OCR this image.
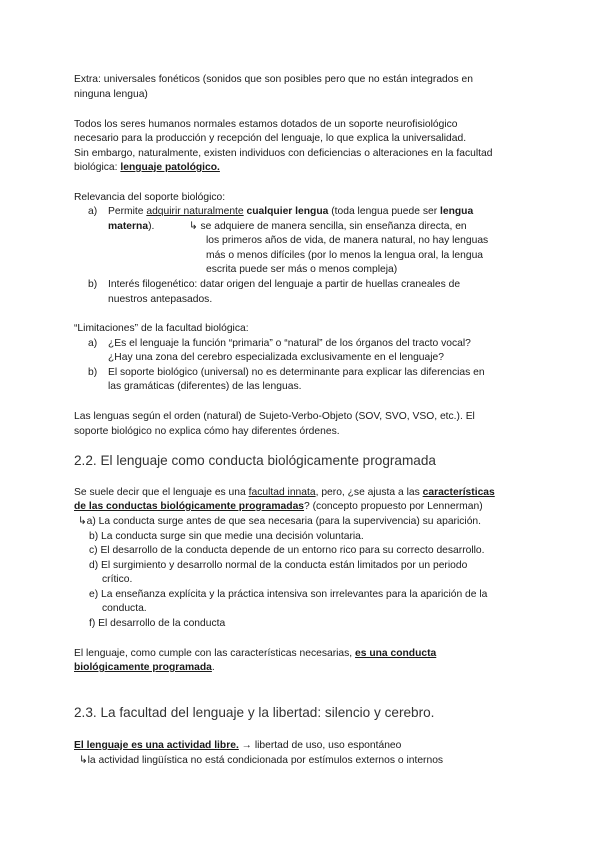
Extra: universales fonéticos (sonidos que son posibles pero que no están integrados en
ninguna lengua)
Todos los seres humanos normales estamos dotados de un soporte neurofisiológico
necesario para la producción y recepción del lenguaje, lo que explica la universalidad.
Sin embargo, naturalmente, existen individuos con deficiencias o alteraciones en la facultad
biológica: lenguaje patológico.
Relevancia del soporte biológico:
a) Permite adquirir naturalmente cualquier lengua (toda lengua puede ser lengua
materna).	↳ se adquiere de manera sencilla, sin enseñanza directa, en
los primeros años de vida, de manera natural, no hay lenguas
más o menos difíciles (por lo menos la lengua oral, la lengua
escrita puede ser más o menos compleja)
b) Interés filogenético: datar origen del lenguaje a partir de huellas craneales de
nuestros antepasados.
“Limitaciones” de la facultad biológica:
a) ¿Es el lenguaje la función “primaria” o “natural” de los órganos del tracto vocal?
¿Hay una zona del cerebro especializada exclusivamente en el lenguaje?
b) El soporte biológico (universal) no es determinante para explicar las diferencias en
las gramáticas (diferentes) de las lenguas.
Las lenguas según el orden (natural) de Sujeto-Verbo-Objeto (SOV, SVO, VSO, etc.). El
soporte biológico no explica cómo hay diferentes órdenes.
2.2. El lenguaje como conducta biológicamente programada
Se suele decir que el lenguaje es una facultad innata, pero, ¿se ajusta a las características
de las conductas biológicamente programadas? (concepto propuesto por Lennerman)
↳a) La conducta surge antes de que sea necesaria (para la supervivencia) su aparición.
b) La conducta surge sin que medie una decisión voluntaria.
c) El desarrollo de la conducta depende de un entorno rico para su correcto desarrollo.
d) El surgimiento y desarrollo normal de la conducta están limitados por un periodo
crítico.
e) La enseñanza explícita y la práctica intensiva son irrelevantes para la aparición de la
conducta.
f) El desarrollo de la conducta
El lenguaje, como cumple con las características necesarias, es una conducta
biológicamente programada.
2.3. La facultad del lenguaje y la libertad: silencio y cerebro.
El lenguaje es una actividad libre. → libertad de uso, uso espontáneo
↳la actividad lingüística no está condicionada por estímulos externos o internos
